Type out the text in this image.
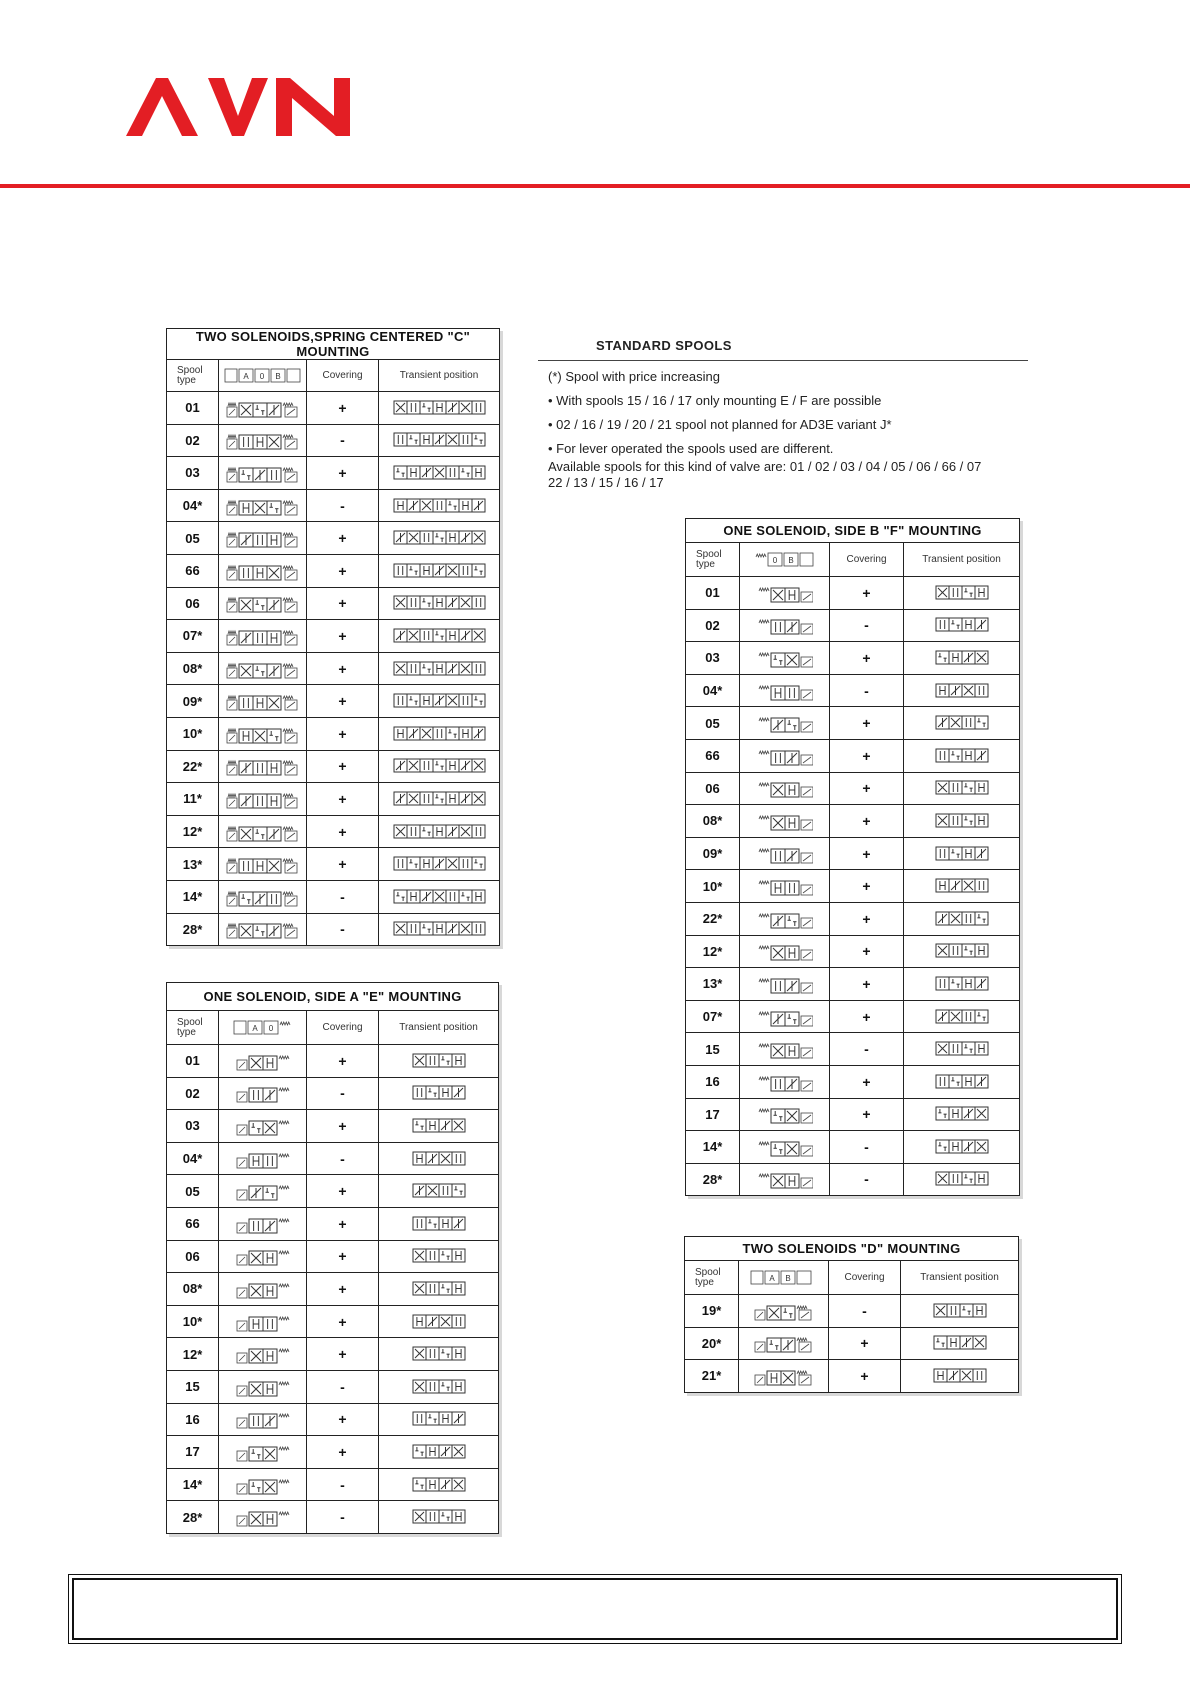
TWO SOLENOIDS,SPRING CENTERED "C" MOUNTING			
Spool type	A 0 B	Covering	Transient position
01		+	

02		-	

03		+	

04*		-	

05		+	

66		+	

06		+	

07*		+	

08*		+	

09*		+	

10*		+	

22*		+	

11*		+	

12*		+	

13*		+	

14*		-	

28*		-	
ONE SOLENOID, SIDE A "E" MOUNTING			
Spool type	A 0	Covering	Transient position
01		+	

02		-	

03		+	

04*		-	

05		+	

66		+	

06		+	

08*		+	

10*		+	

12*		+	

15		-	

16		+	

17		+	

14*		-	

28*		-	
STANDARD SPOOLS

(*) Spool with price increasing

• With spools 15 / 16 / 17 only mounting E / F are possible

• 02 / 16 / 19 / 20 / 21 spool not planned for AD3E variant J*

• For lever operated the spools used are different.

Available spools for this kind of valve are: 01 / 02 / 03 / 04 / 05 / 06 / 66 / 07

22 / 13 / 15 / 16 / 17

ONE SOLENOID, SIDE B "F" MOUNTING			
Spool type	0 B	Covering	Transient position
01		+	

02		-	

03		+	

04*		-	

05		+	

66		+	

06		+	

08*		+	

09*		+	

10*		+	

22*		+	

12*		+	

13*		+	

07*		+	

15		-	

16		+	

17		+	

14*		-	

28*		-	
TWO SOLENOIDS "D" MOUNTING			
Spool type	A B	Covering	Transient position
19*		-	

20*		+	

21*		+	
